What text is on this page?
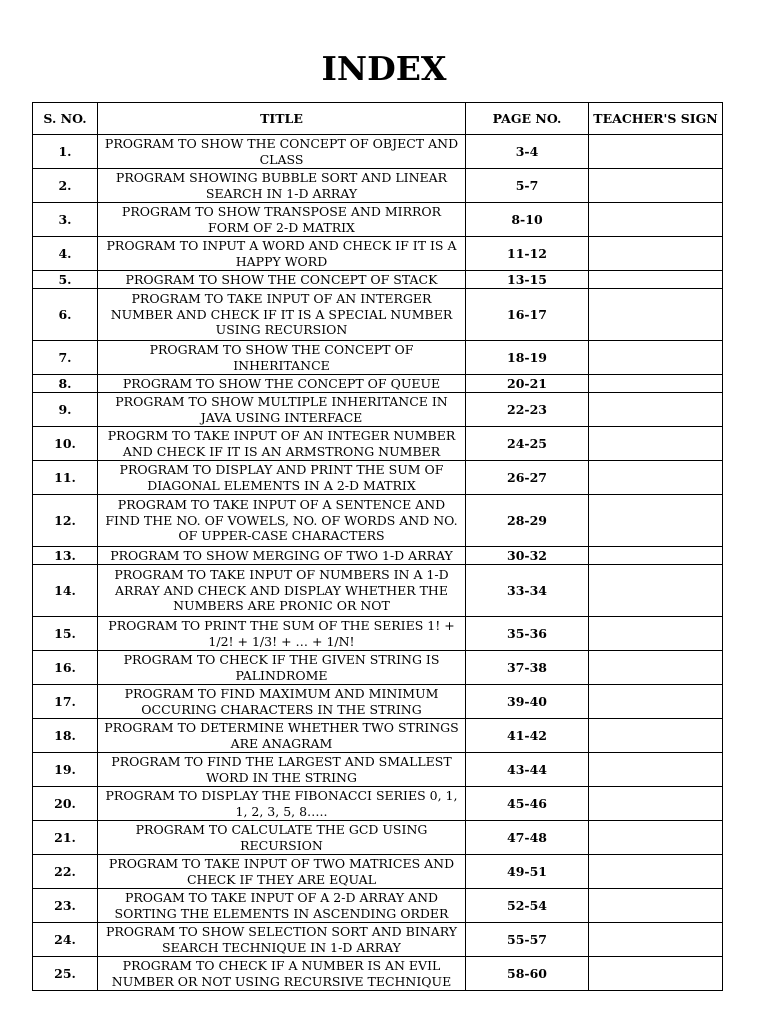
INDEX
S. NO.	TITLE	PAGE NO.	TEACHER'S SIGN
1.	PROGRAM TO SHOW THE CONCEPT OF OBJECT AND CLASS	3-4	
2.	PROGRAM SHOWING BUBBLE SORT AND LINEAR SEARCH IN 1-D ARRAY	5-7	
3.	PROGRAM TO SHOW TRANSPOSE AND MIRROR FORM OF 2-D MATRIX	8-10	
4.	PROGRAM TO INPUT A WORD AND CHECK IF IT IS A HAPPY WORD	11-12	
5.	PROGRAM TO SHOW THE CONCEPT OF STACK	13-15	
6.	PROGRAM TO TAKE INPUT OF AN INTERGER NUMBER AND CHECK IF IT IS A SPECIAL NUMBER USING RECURSION	16-17	
7.	PROGRAM TO SHOW THE CONCEPT OF INHERITANCE	18-19	
8.	PROGRAM TO SHOW THE CONCEPT OF QUEUE	20-21	
9.	PROGRAM TO SHOW MULTIPLE INHERITANCE IN JAVA USING INTERFACE	22-23	
10.	PROGRM TO TAKE INPUT OF AN INTEGER NUMBER AND CHECK IF IT IS AN ARMSTRONG NUMBER	24-25	
11.	PROGRAM TO DISPLAY AND PRINT THE SUM OF DIAGONAL ELEMENTS IN A 2-D MATRIX	26-27	
12.	PROGRAM TO TAKE INPUT OF A SENTENCE AND FIND THE NO. OF VOWELS, NO. OF WORDS AND NO. OF UPPER-CASE CHARACTERS	28-29	
13.	PROGRAM TO SHOW MERGING OF TWO 1-D ARRAY	30-32	
14.	PROGRAM TO TAKE INPUT OF NUMBERS IN A 1-D ARRAY AND CHECK AND DISPLAY WHETHER THE NUMBERS ARE PRONIC OR NOT	33-34	
15.	PROGRAM TO PRINT THE SUM OF THE SERIES 1! + 1/2! + 1/3! + … + 1/N!	35-36	
16.	PROGRAM TO CHECK IF THE GIVEN STRING IS PALINDROME	37-38	
17.	PROGRAM TO FIND MAXIMUM AND MINIMUM OCCURING CHARACTERS IN THE STRING	39-40	
18.	PROGRAM TO DETERMINE WHETHER TWO STRINGS ARE ANAGRAM	41-42	
19.	PROGRAM TO FIND THE LARGEST AND SMALLEST WORD IN THE STRING	43-44	
20.	PROGRAM TO DISPLAY THE FIBONACCI SERIES 0, 1, 1, 2, 3, 5, 8…..	45-46	
21.	PROGRAM TO CALCULATE THE GCD USING RECURSION	47-48	
22.	PROGRAM TO TAKE INPUT OF TWO MATRICES AND CHECK IF THEY ARE EQUAL	49-51	
23.	PROGAM TO TAKE INPUT OF A 2-D ARRAY AND SORTING THE ELEMENTS IN ASCENDING ORDER	52-54	
24.	PROGRAM TO SHOW SELECTION SORT AND BINARY SEARCH TECHNIQUE IN 1-D ARRAY	55-57	
25.	PROGRAM TO CHECK IF A NUMBER IS AN EVIL NUMBER OR NOT USING RECURSIVE TECHNIQUE	58-60	
